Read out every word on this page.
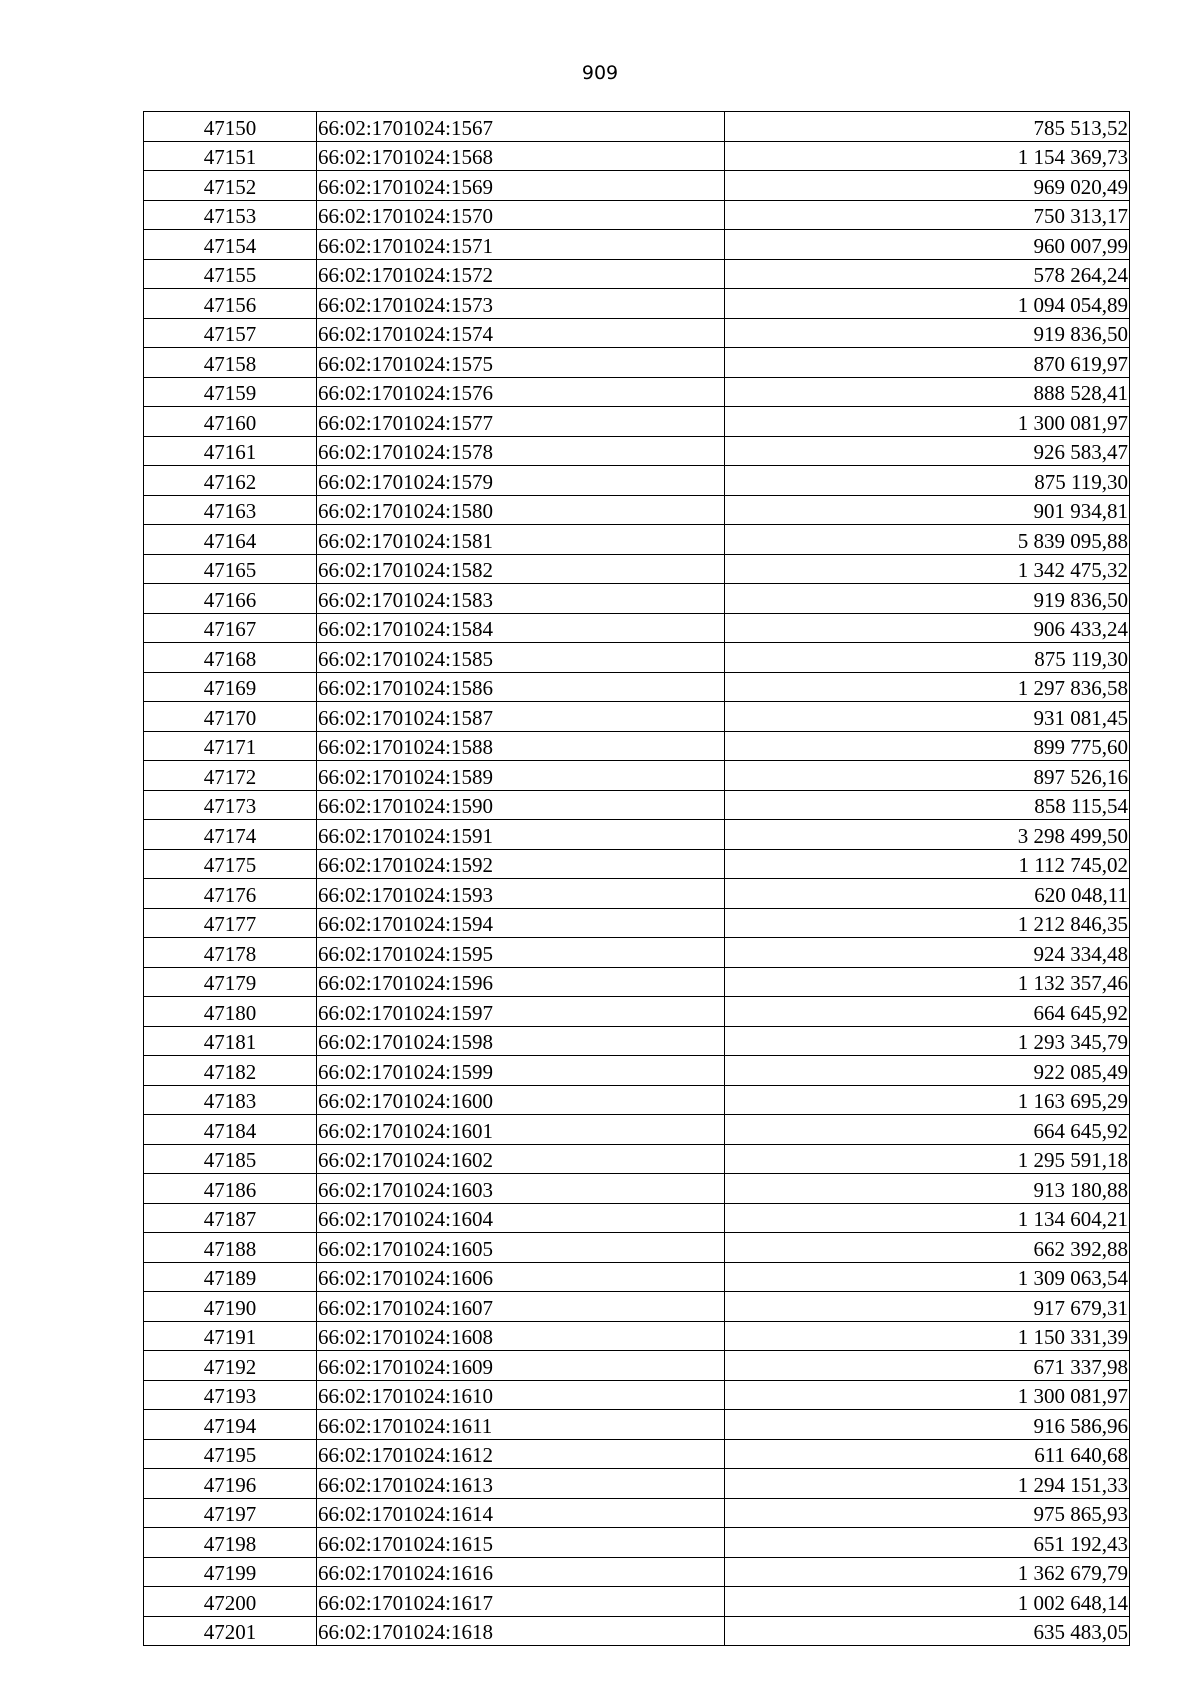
909
47150	66:02:1701024:1567	785 513,52
47151	66:02:1701024:1568	1 154 369,73
47152	66:02:1701024:1569	969 020,49
47153	66:02:1701024:1570	750 313,17
47154	66:02:1701024:1571	960 007,99
47155	66:02:1701024:1572	578 264,24
47156	66:02:1701024:1573	1 094 054,89
47157	66:02:1701024:1574	919 836,50
47158	66:02:1701024:1575	870 619,97
47159	66:02:1701024:1576	888 528,41
47160	66:02:1701024:1577	1 300 081,97
47161	66:02:1701024:1578	926 583,47
47162	66:02:1701024:1579	875 119,30
47163	66:02:1701024:1580	901 934,81
47164	66:02:1701024:1581	5 839 095,88
47165	66:02:1701024:1582	1 342 475,32
47166	66:02:1701024:1583	919 836,50
47167	66:02:1701024:1584	906 433,24
47168	66:02:1701024:1585	875 119,30
47169	66:02:1701024:1586	1 297 836,58
47170	66:02:1701024:1587	931 081,45
47171	66:02:1701024:1588	899 775,60
47172	66:02:1701024:1589	897 526,16
47173	66:02:1701024:1590	858 115,54
47174	66:02:1701024:1591	3 298 499,50
47175	66:02:1701024:1592	1 112 745,02
47176	66:02:1701024:1593	620 048,11
47177	66:02:1701024:1594	1 212 846,35
47178	66:02:1701024:1595	924 334,48
47179	66:02:1701024:1596	1 132 357,46
47180	66:02:1701024:1597	664 645,92
47181	66:02:1701024:1598	1 293 345,79
47182	66:02:1701024:1599	922 085,49
47183	66:02:1701024:1600	1 163 695,29
47184	66:02:1701024:1601	664 645,92
47185	66:02:1701024:1602	1 295 591,18
47186	66:02:1701024:1603	913 180,88
47187	66:02:1701024:1604	1 134 604,21
47188	66:02:1701024:1605	662 392,88
47189	66:02:1701024:1606	1 309 063,54
47190	66:02:1701024:1607	917 679,31
47191	66:02:1701024:1608	1 150 331,39
47192	66:02:1701024:1609	671 337,98
47193	66:02:1701024:1610	1 300 081,97
47194	66:02:1701024:1611	916 586,96
47195	66:02:1701024:1612	611 640,68
47196	66:02:1701024:1613	1 294 151,33
47197	66:02:1701024:1614	975 865,93
47198	66:02:1701024:1615	651 192,43
47199	66:02:1701024:1616	1 362 679,79
47200	66:02:1701024:1617	1 002 648,14
47201	66:02:1701024:1618	635 483,05
